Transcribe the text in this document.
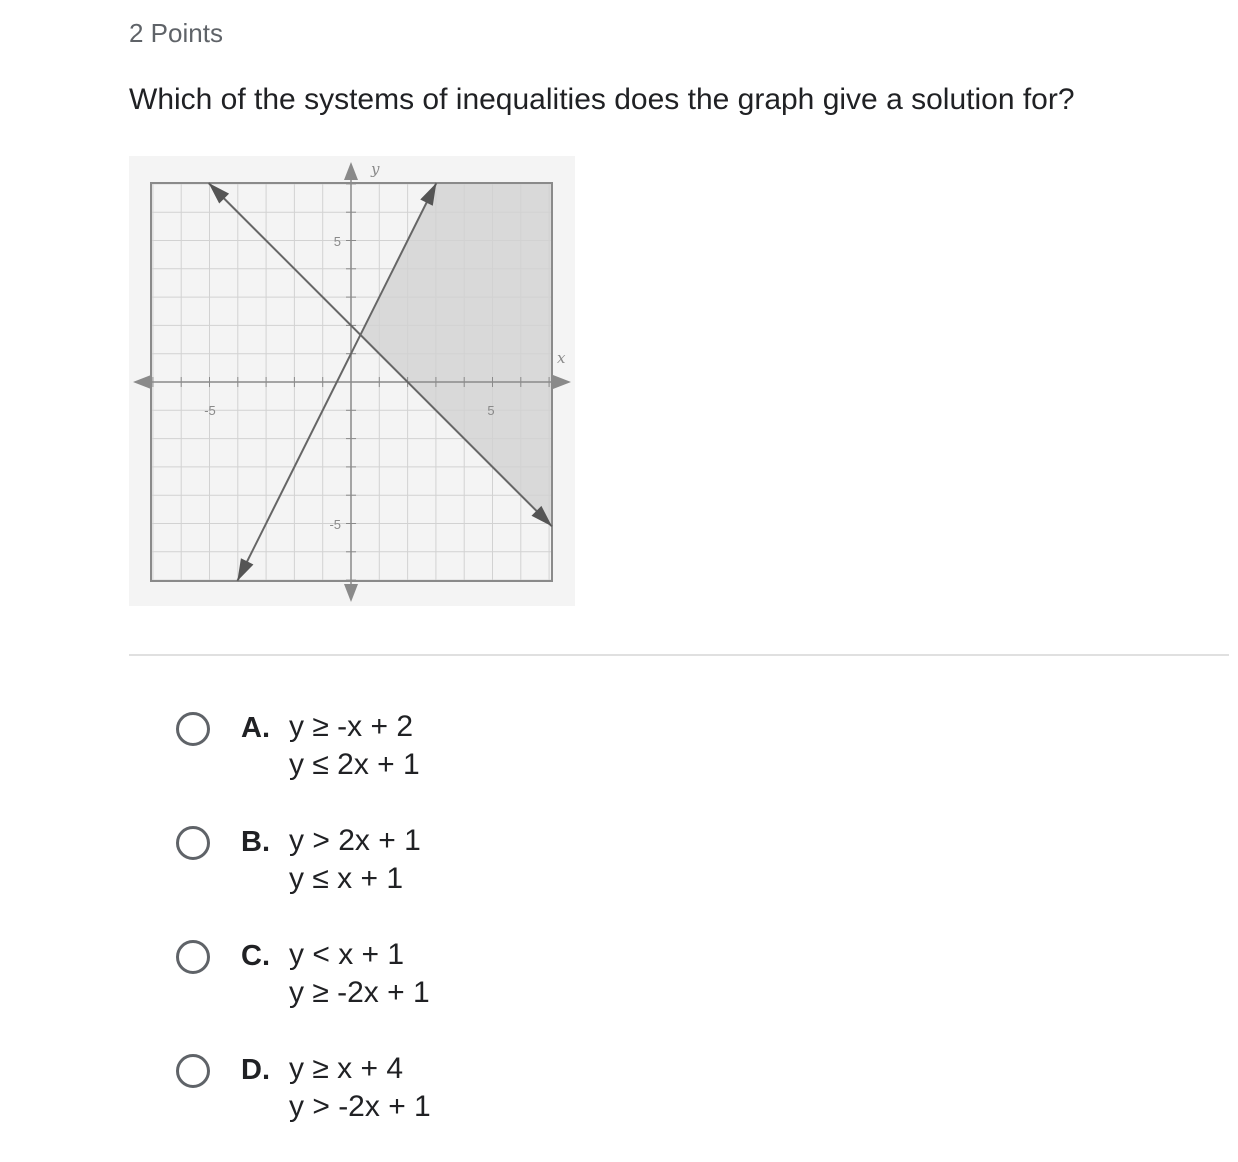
2 Points
Which of the systems of inequalities does the graph give a solution for?
y
x
-5	5
5
-5
A. y ≥ -x + 2
y ≤ 2x + 1
B. y > 2x + 1
y ≤ x + 1
C. y < x + 1
y ≥ -2x + 1
D. y ≥ x + 4
y > -2x + 1
